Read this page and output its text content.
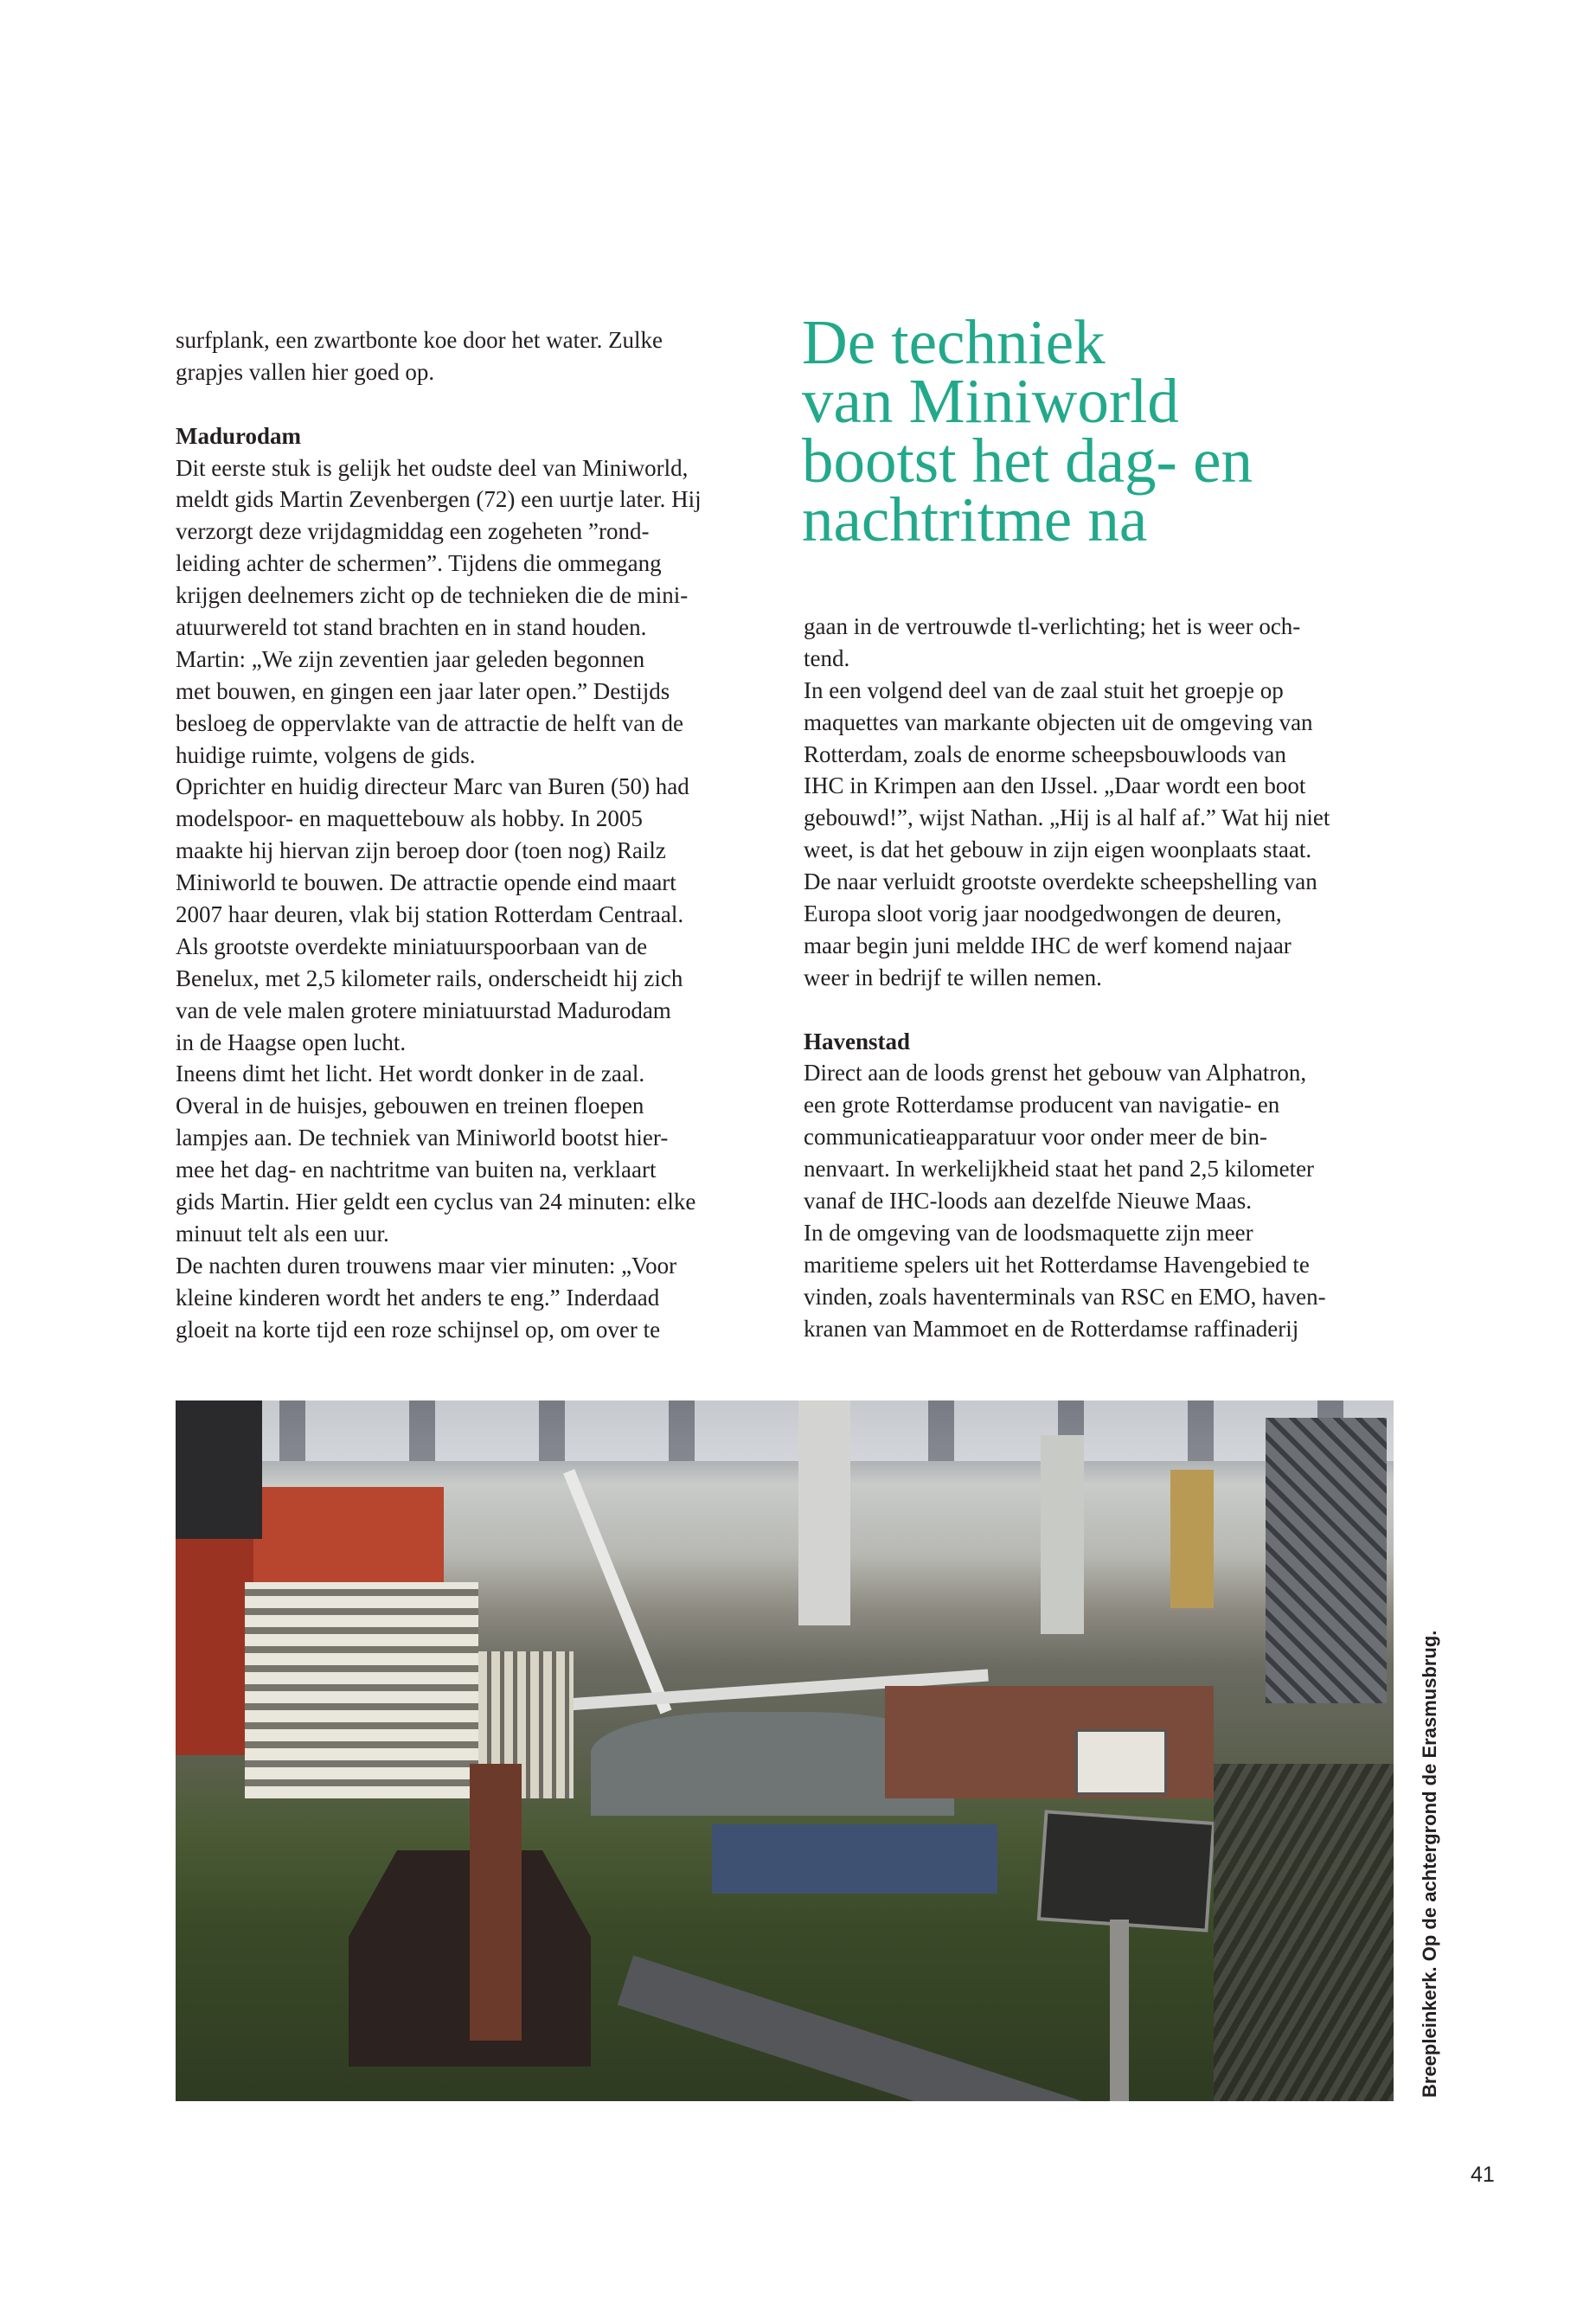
De techniek
van Miniworld
bootst het dag- en
nachtritme na
surfplank, een zwartbonte koe door het water. Zulke
grapjes vallen hier goed op.
Madurodam
Dit eerste stuk is gelijk het oudste deel van Miniworld,
meldt gids Martin Zevenbergen (72) een uurtje later. Hij
verzorgt deze vrijdagmiddag een zogeheten ”rond-
leiding achter de schermen”. Tijdens die ommegang
krijgen deelnemers zicht op de technieken die de mini-
atuurwereld tot stand brachten en in stand houden.
Martin: „We zijn zeventien jaar geleden begonnen
met bouwen, en gingen een jaar later open.” Destijds
besloeg de oppervlakte van de attractie de helft van de
huidige ruimte, volgens de gids.
Oprichter en huidig directeur Marc van Buren (50) had
modelspoor- en maquettebouw als hobby. In 2005
maakte hij hiervan zijn beroep door (toen nog) Railz
Miniworld te bouwen. De attractie opende eind maart
2007 haar deuren, vlak bij station Rotterdam Centraal.
Als grootste overdekte miniatuurspoorbaan van de
Benelux, met 2,5 kilometer rails, onderscheidt hij zich
van de vele malen grotere miniatuurstad Madurodam
in de Haagse open lucht.
Ineens dimt het licht. Het wordt donker in de zaal.
Overal in de huisjes, gebouwen en treinen floepen
lampjes aan. De techniek van Miniworld bootst hier-
mee het dag- en nachtritme van buiten na, verklaart
gids Martin. Hier geldt een cyclus van 24 minuten: elke
minuut telt als een uur.
De nachten duren trouwens maar vier minuten: „Voor
kleine kinderen wordt het anders te eng.” Inderdaad
gloeit na korte tijd een roze schijnsel op, om over te
gaan in de vertrouwde tl-verlichting; het is weer och-
tend.
In een volgend deel van de zaal stuit het groepje op
maquettes van markante objecten uit de omgeving van
Rotterdam, zoals de enorme scheepsbouwloods van
IHC in Krimpen aan den IJssel. „Daar wordt een boot
gebouwd!”, wijst Nathan. „Hij is al half af.” Wat hij niet
weet, is dat het gebouw in zijn eigen woonplaats staat.
De naar verluidt grootste overdekte scheepshelling van
Europa sloot vorig jaar noodgedwongen de deuren,
maar begin juni meldde IHC de werf komend najaar
weer in bedrijf te willen nemen.
Havenstad
Direct aan de loods grenst het gebouw van Alphatron,
een grote Rotterdamse producent van navigatie- en
communicatieapparatuur voor onder meer de bin-
nenvaart. In werkelijkheid staat het pand 2,5 kilometer
vanaf de IHC-loods aan dezelfde Nieuwe Maas.
In de omgeving van de loodsmaquette zijn meer
maritieme spelers uit het Rotterdamse Havengebied te
vinden, zoals haventerminals van RSC en EMO, haven-
kranen van Mammoet en de Rotterdamse raffinaderij
Breepleinkerk. Op de achtergrond de Erasmusbrug.
41
